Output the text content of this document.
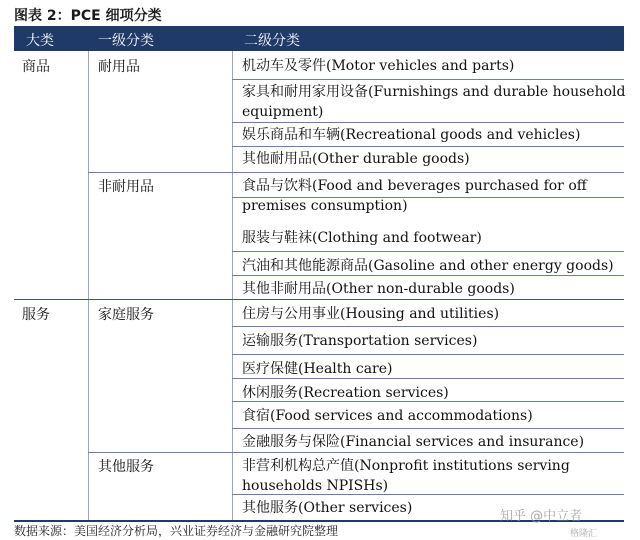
图表 2：PCE 细项分类
大类	一级分类	二级分类
商品
服务
耐用品
非耐用品
家庭服务
其他服务
机动车及零件(Motor vehicles and parts)
家具和耐用家用设备(Furnishings and durable household equipment)
娱乐商品和车辆(Recreational goods and vehicles)
其他耐用品(Other durable goods)
食品与饮料(Food and beverages purchased for off premises consumption)
服装与鞋袜(Clothing and footwear)
汽油和其他能源商品(Gasoline and other energy goods)
其他非耐用品(Other non-durable goods)
住房与公用事业(Housing and utilities)
运输服务(Transportation services)
医疗保健(Health care)
休闲服务(Recreation services)
食宿(Food services and accommodations)
金融服务与保险(Financial services and insurance)
非营利机构总产值(Nonprofit institutions serving households NPISHs)
其他服务(Other services)
数据来源：美国经济分析局，兴业证券经济与金融研究院整理
知乎 @中立者
格隆汇
